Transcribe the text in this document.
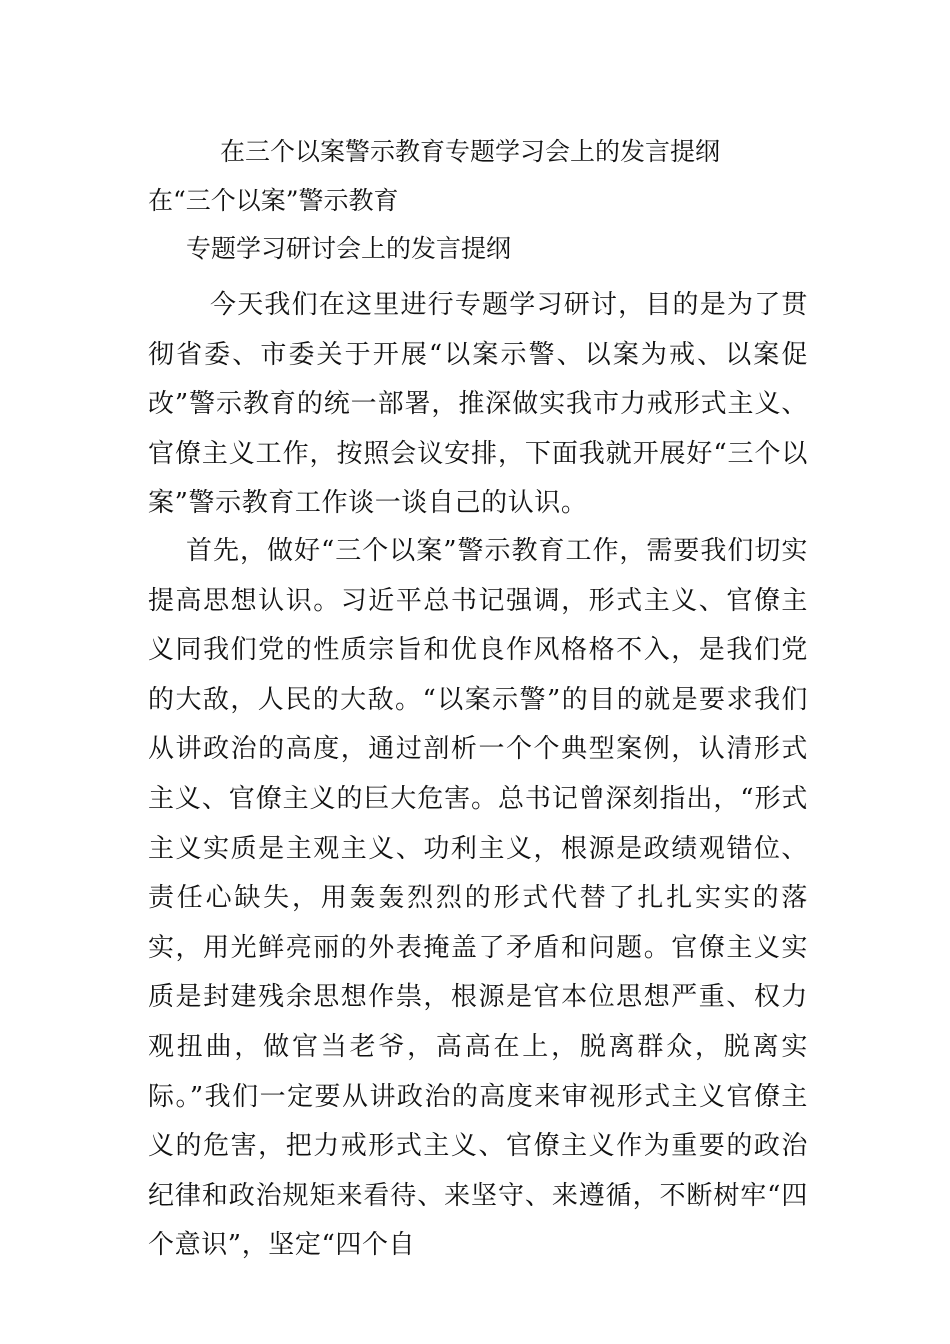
在三个以案警示教育专题学习会上的发言提纲
在“三个以案”警示教育
专题学习研讨会上的发言提纲

今天我们在这里进行专题学习研讨，目的是为了贯彻省委、市委关于开展“以案示警、以案为戒、以案促改”警示教育的统一部署，推深做实我市力戒形式主义、官僚主义工作，按照会议安排，下面我就开展好“三个以案”警示教育工作谈一谈自己的认识。

首先，做好“三个以案”警示教育工作，需要我们切实提高思想认识。习近平总书记强调，形式主义、官僚主义同我们党的性质宗旨和优良作风格格不入，是我们党的大敌，人民的大敌。“以案示警”的目的就是要求我们从讲政治的高度，通过剖析一个个典型案例，认清形式主义、官僚主义的巨大危害。总书记曾深刻指出，“形式主义实质是主观主义、功利主义，根源是政绩观错位、责任心缺失，用轰轰烈烈的形式代替了扎扎实实的落实，用光鲜亮丽的外表掩盖了矛盾和问题。官僚主义实质是封建残余思想作祟，根源是官本位思想严重、权力观扭曲，做官当老爷，高高在上，脱离群众，脱离实际。”我们一定要从讲政治的高度来审视形式主义官僚主义的危害，把力戒形式主义、官僚主义作为重要的政治纪律和政治规矩来看待、来坚守、来遵循，不断树牢“四个意识”，坚定“四个自
